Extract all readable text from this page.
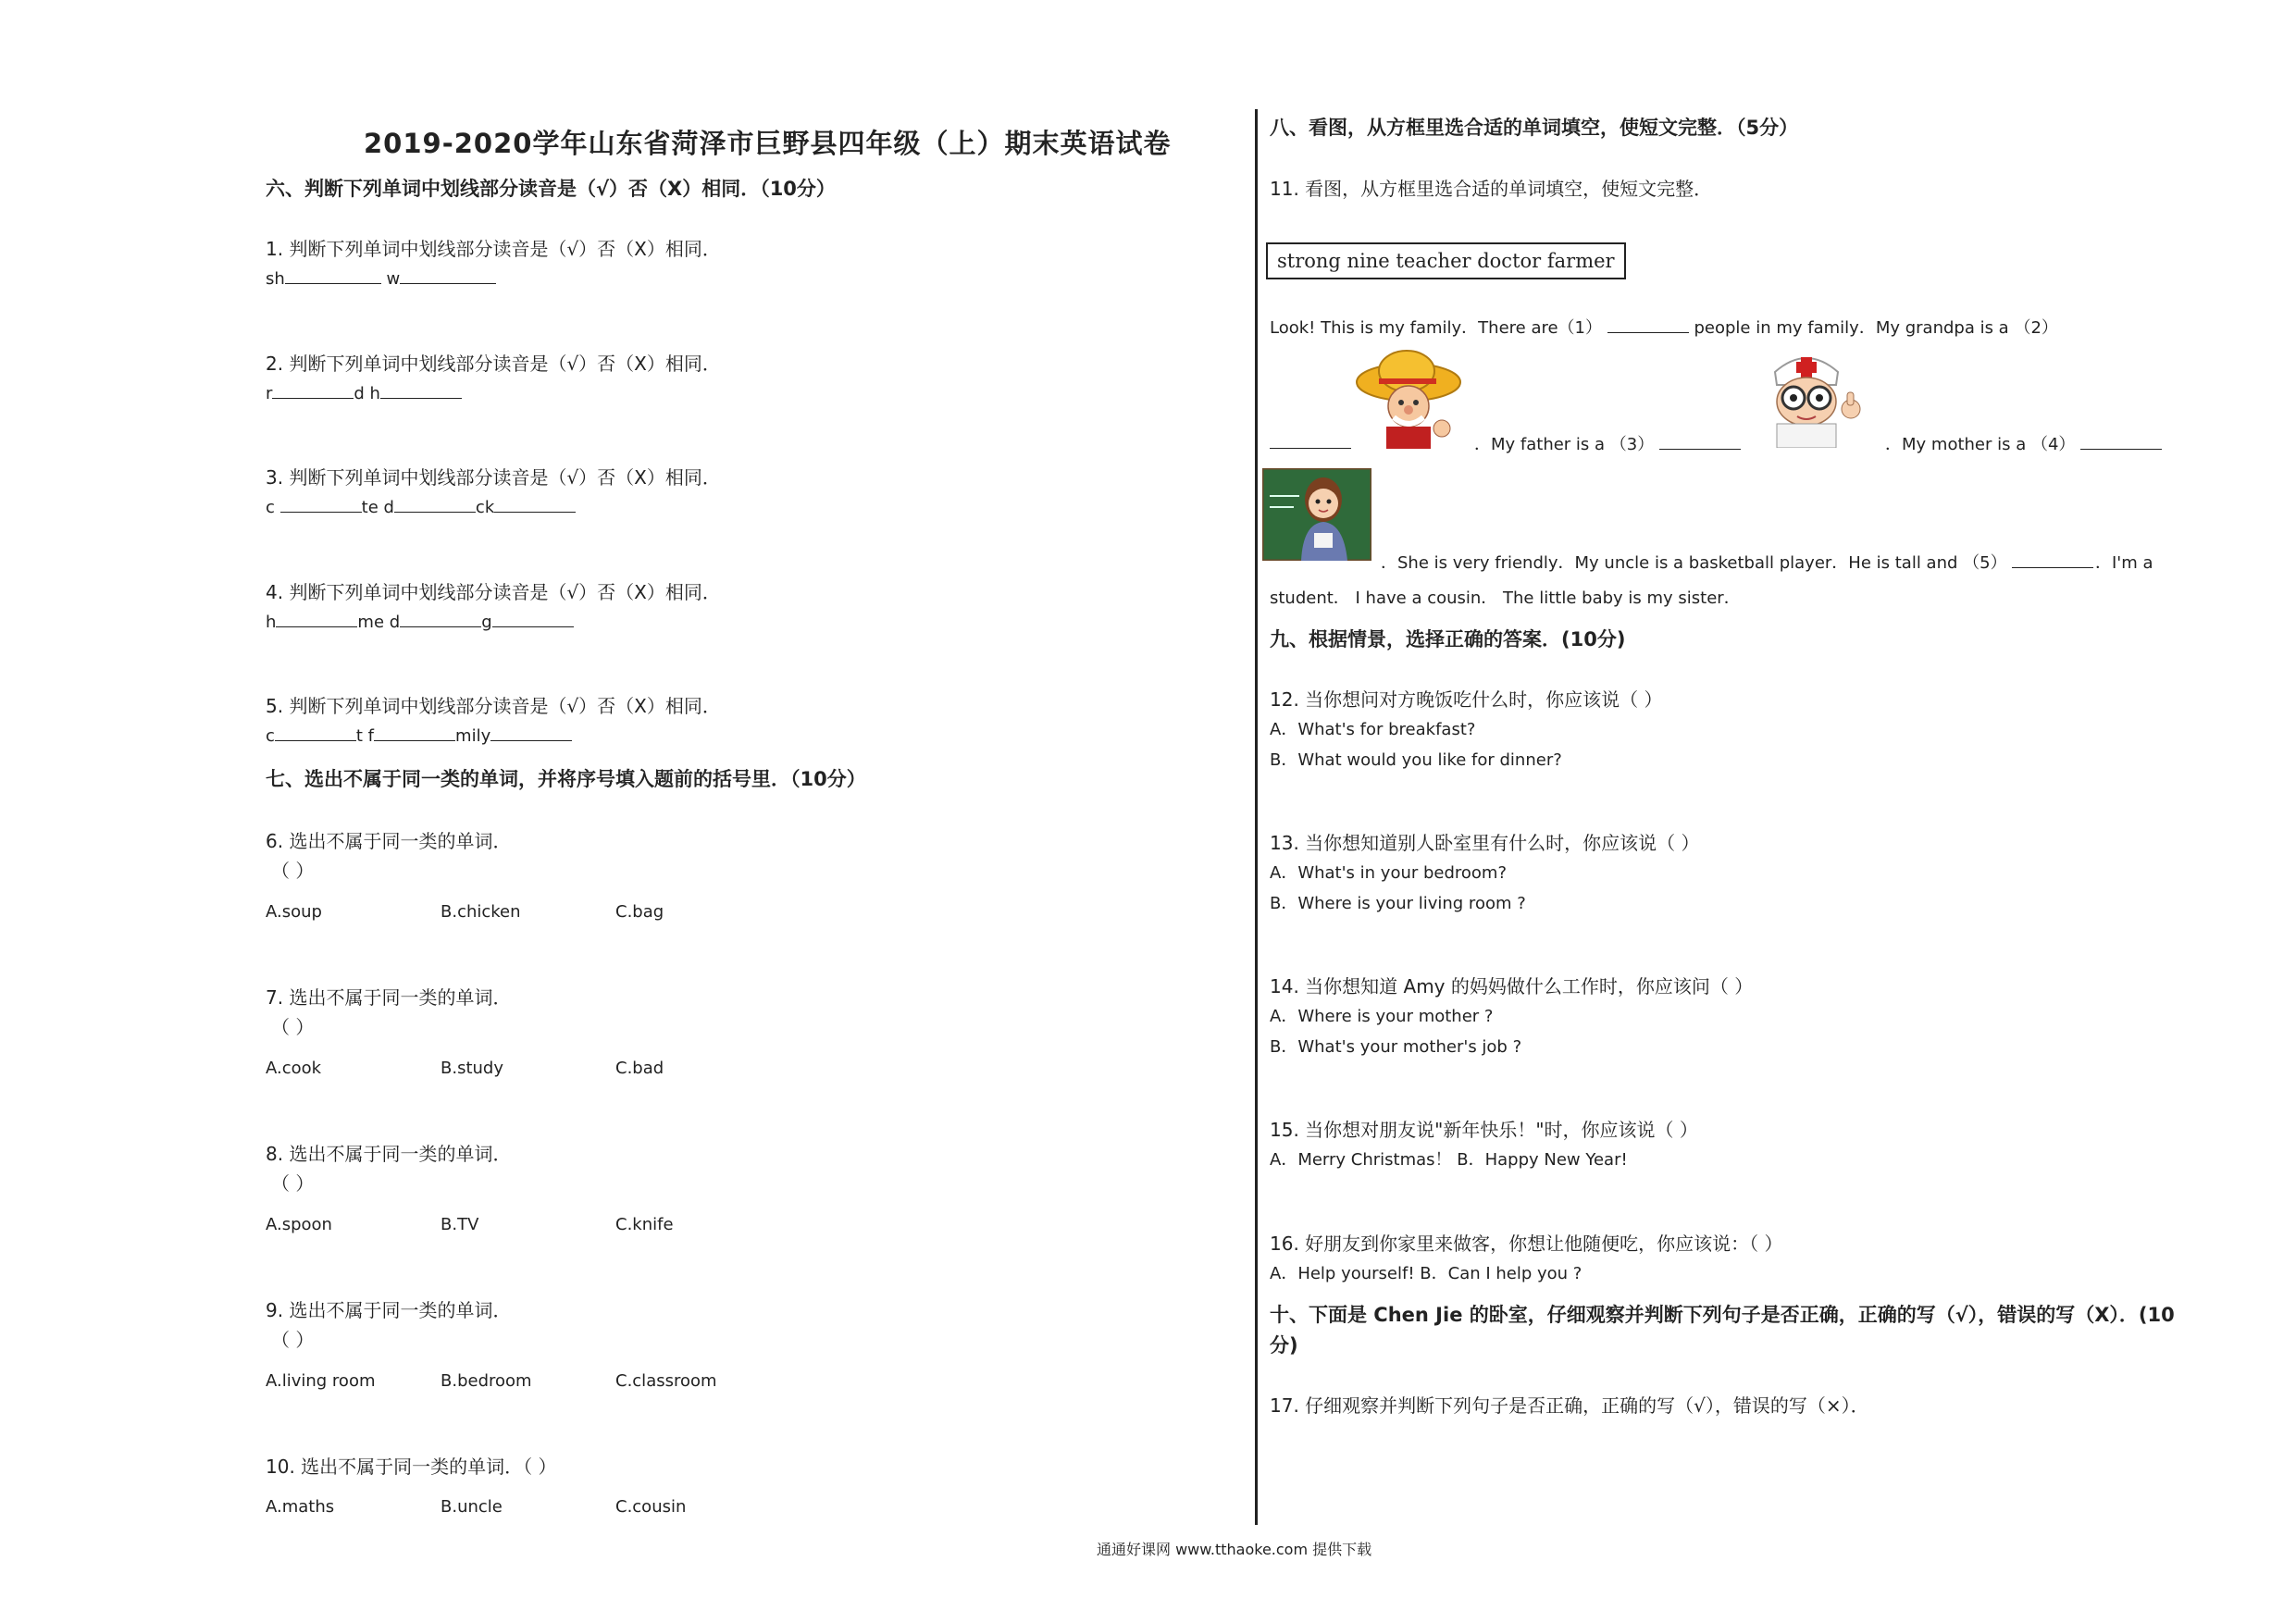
2019-2020学年山东省菏泽市巨野县四年级（上）期末英语试卷
六、判断下列单词中划线部分读音是（√）否（X）相同．（10分）
1. 判断下列单词中划线部分读音是（√）否（X）相同．
sh	w
2. 判断下列单词中划线部分读音是（√）否（X）相同．
r	d h
3. 判断下列单词中划线部分读音是（√）否（X）相同．
c	te d	ck
4. 判断下列单词中划线部分读音是（√）否（X）相同．
h	me d	g
5. 判断下列单词中划线部分读音是（√）否（X）相同．
c	t f	mily
七、选出不属于同一类的单词，并将序号填入题前的括号里．（10分）
6. 选出不属于同一类的单词．
（ ）
A.soup	B.chicken	C.bag
7. 选出不属于同一类的单词．
（ ）
A.cook	B.study	C.bad
8. 选出不属于同一类的单词．
（ ）
A.spoon	B.TV	C.knife
9. 选出不属于同一类的单词．
（ ）
A.living room	B.bedroom	C.classroom
10. 选出不属于同一类的单词．（ ）
A.maths	B.uncle	C.cousin
八、看图，从方框里选合适的单词填空，使短文完整．（5分）
11. 看图，从方框里选合适的单词填空，使短文完整．
strong nine teacher doctor farmer
Look! This is my family．There are（1）	people in my family．My grandpa is a （2）
．My father is a （3）	．My mother is a （4）
．She is very friendly．My uncle is a basketball player．He is tall and （5）	．I'm a
student． I have a cousin． The little baby is my sister．
九、根据情景，选择正确的答案．(10分)
12. 当你想问对方晚饭吃什么时，你应该说（ ）
A．What's for breakfast?
B．What would you like for dinner?
13. 当你想知道别人卧室里有什么时，你应该说（ ）
A．What's in your bedroom?
B．Where is your living room ?
14. 当你想知道 Amy 的妈妈做什么工作时，你应该问（ ）
A．Where is your mother ?
B．What's your mother's job ?
15. 当你想对朋友说"新年快乐！"时，你应该说（ ）
A．Merry Christmas！ B．Happy New Year!
16. 好朋友到你家里来做客，你想让他随便吃，你应该说：（ ）
A．Help yourself! B．Can I help you ?
十、下面是 Chen Jie 的卧室，仔细观察并判断下列句子是否正确，正确的写（√），错误的写（X）．(10
分)
17. 仔细观察并判断下列句子是否正确，正确的写（√），错误的写（×）．
通通好课网 www.tthaoke.com 提供下载
